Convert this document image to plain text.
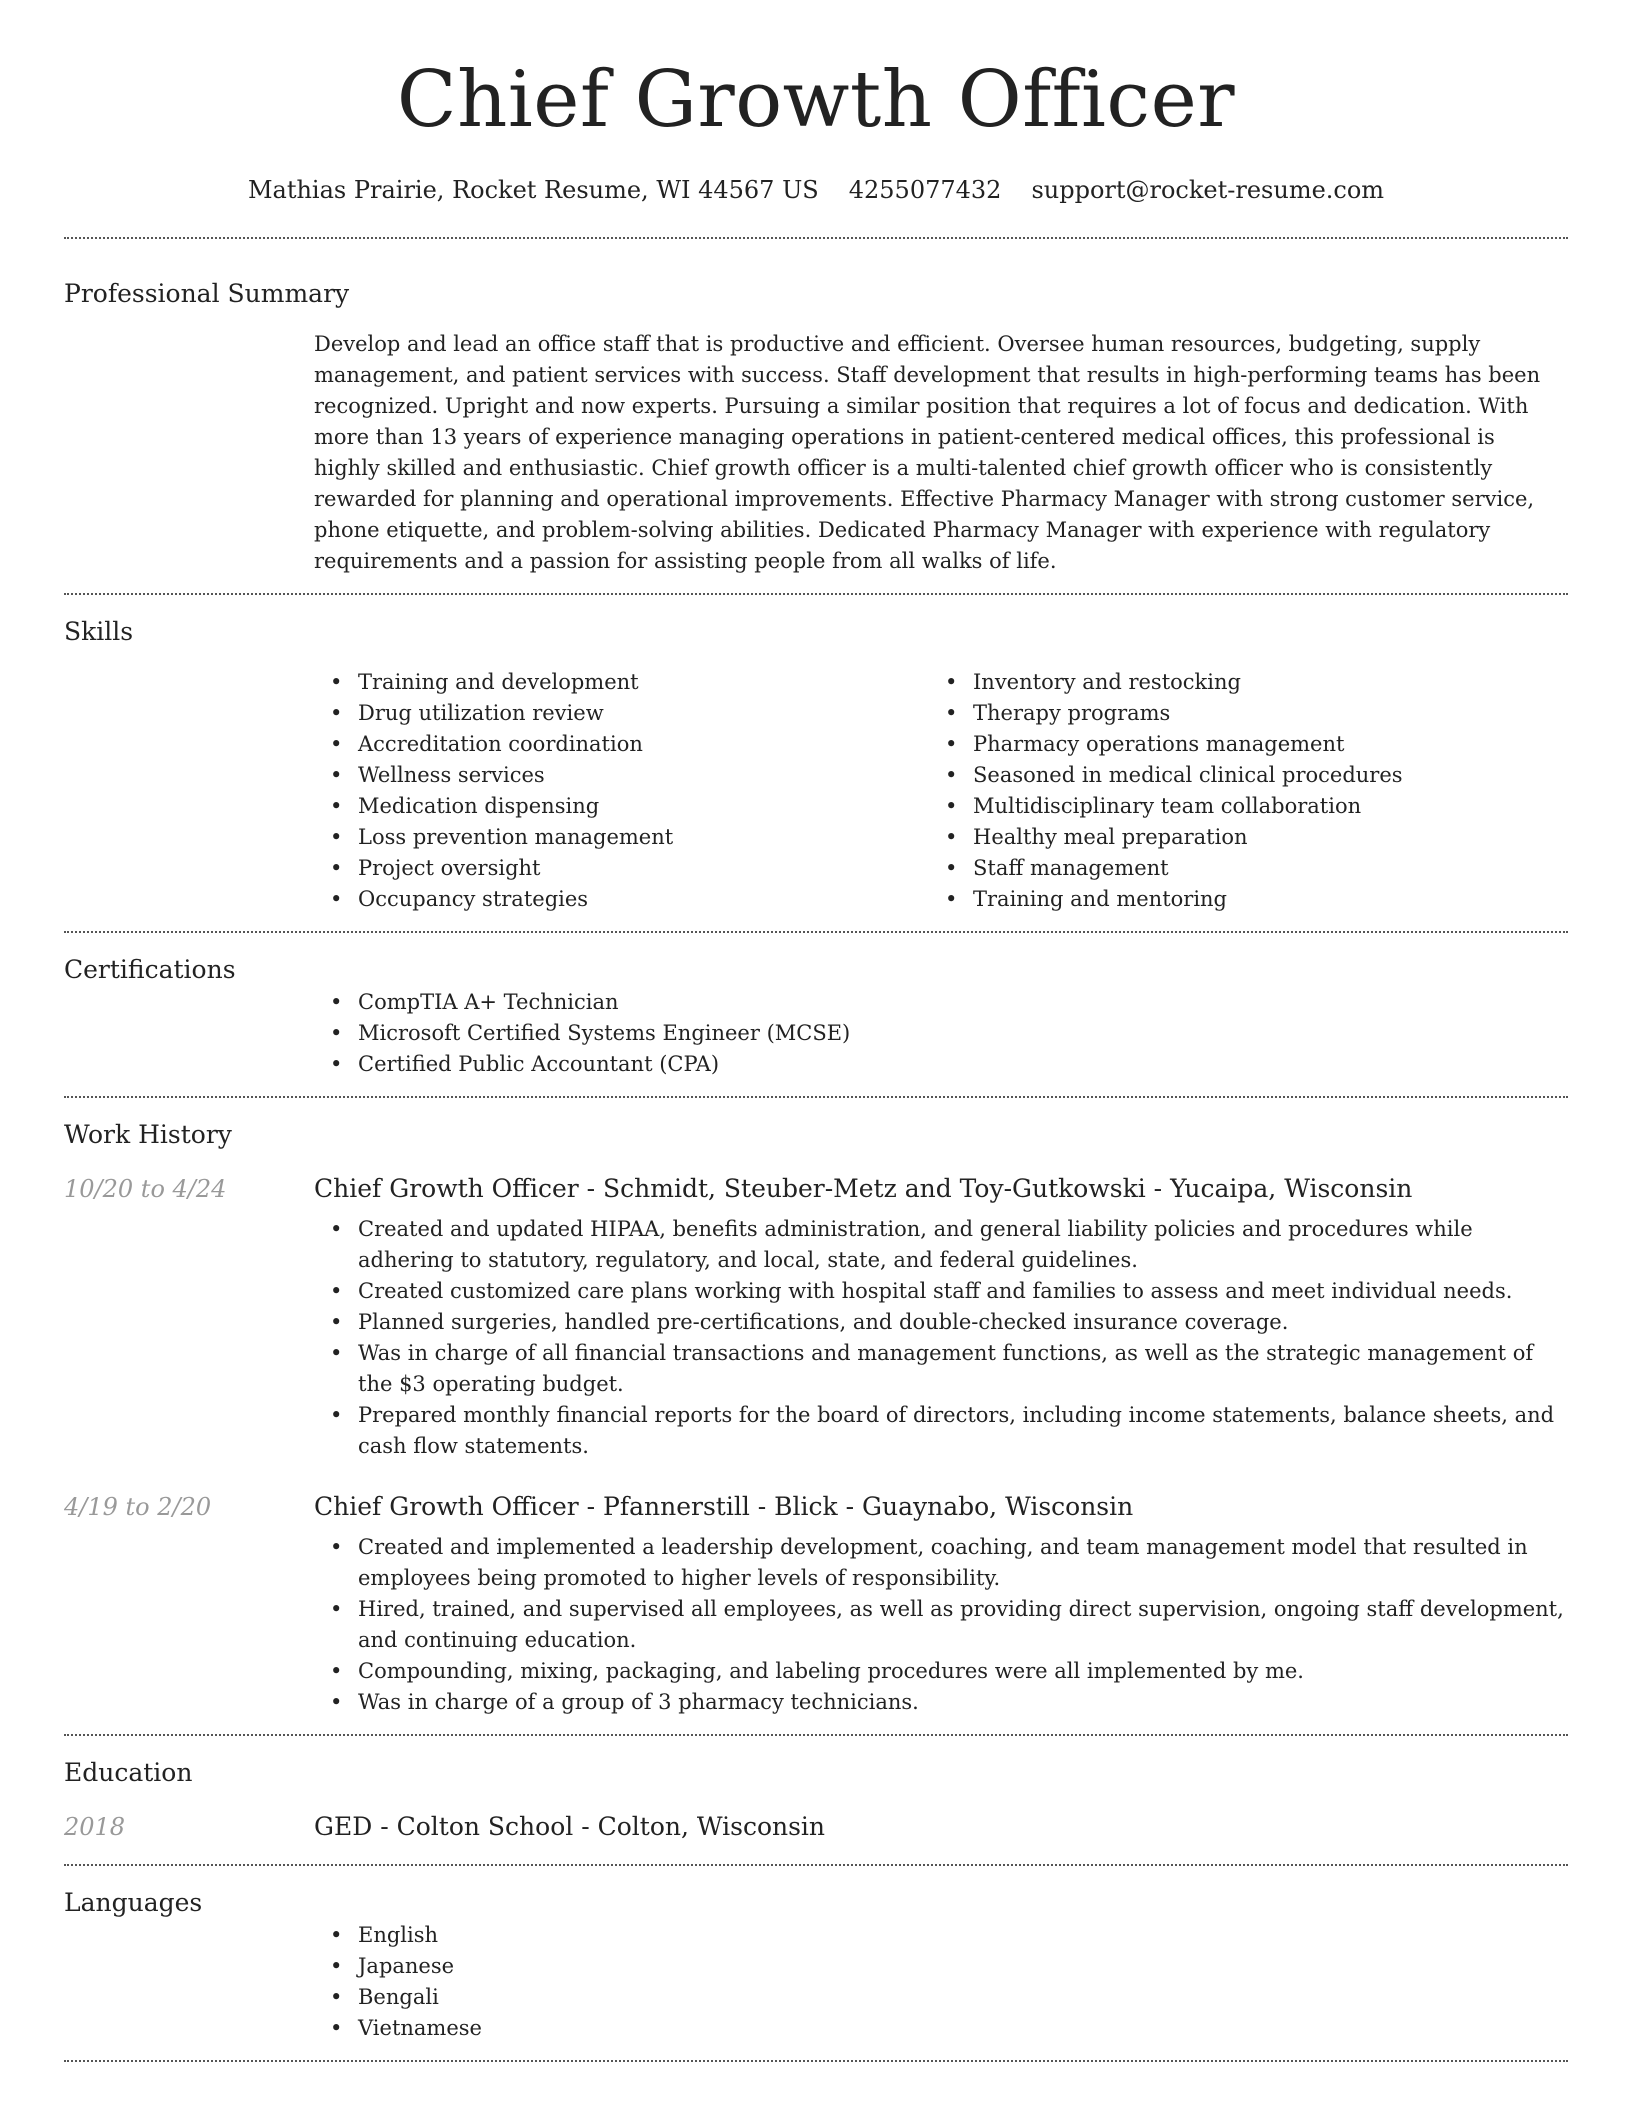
Chief Growth Officer
Mathias Prairie, Rocket Resume, WI 44567 US 4255077432 support@rocket-resume.com
Professional Summary

Develop and lead an office staff that is productive and efficient. Oversee human resources, budgeting, supply management, and patient services with success. Staff development that results in high-performing teams has been recognized. Upright and now experts. Pursuing a similar position that requires a lot of focus and dedication. With more than 13 years of experience managing operations in patient-centered medical offices, this professional is highly skilled and enthusiastic. Chief growth officer is a multi-talented chief growth officer who is consistently rewarded for planning and operational improvements. Effective Pharmacy Manager with strong customer service, phone etiquette, and problem-solving abilities. Dedicated Pharmacy Manager with experience with regulatory requirements and a passion for assisting people from all walks of life.

Skills
• Training and development
• Drug utilization review
• Accreditation coordination
• Wellness services
• Medication dispensing
• Loss prevention management
• Project oversight
• Occupancy strategies
• Inventory and restocking
• Therapy programs
• Pharmacy operations management
• Seasoned in medical clinical procedures
• Multidisciplinary team collaboration
• Healthy meal preparation
• Staff management
• Training and mentoring
Certifications
• CompTIA A+ Technician
• Microsoft Certified Systems Engineer (MCSE)
• Certified Public Accountant (CPA)
Work History
10/20 to 4/24	Chief Growth Officer - Schmidt, Steuber-Metz and Toy-Gutkowski - Yucaipa, Wisconsin
• Created and updated HIPAA, benefits administration, and general liability policies and procedures while adhering to statutory, regulatory, and local, state, and federal guidelines.
• Created customized care plans working with hospital staff and families to assess and meet individual needs.
• Planned surgeries, handled pre-certifications, and double-checked insurance coverage.
• Was in charge of all financial transactions and management functions, as well as the strategic management of the $3 operating budget.
• Prepared monthly financial reports for the board of directors, including income statements, balance sheets, and cash flow statements.
4/19 to 2/20	Chief Growth Officer - Pfannerstill - Blick - Guaynabo, Wisconsin
• Created and implemented a leadership development, coaching, and team management model that resulted in employees being promoted to higher levels of responsibility.
• Hired, trained, and supervised all employees, as well as providing direct supervision, ongoing staff development, and continuing education.
• Compounding, mixing, packaging, and labeling procedures were all implemented by me.
• Was in charge of a group of 3 pharmacy technicians.
Education
2018	GED - Colton School - Colton, Wisconsin
Languages
• English
• Japanese
• Bengali
• Vietnamese
